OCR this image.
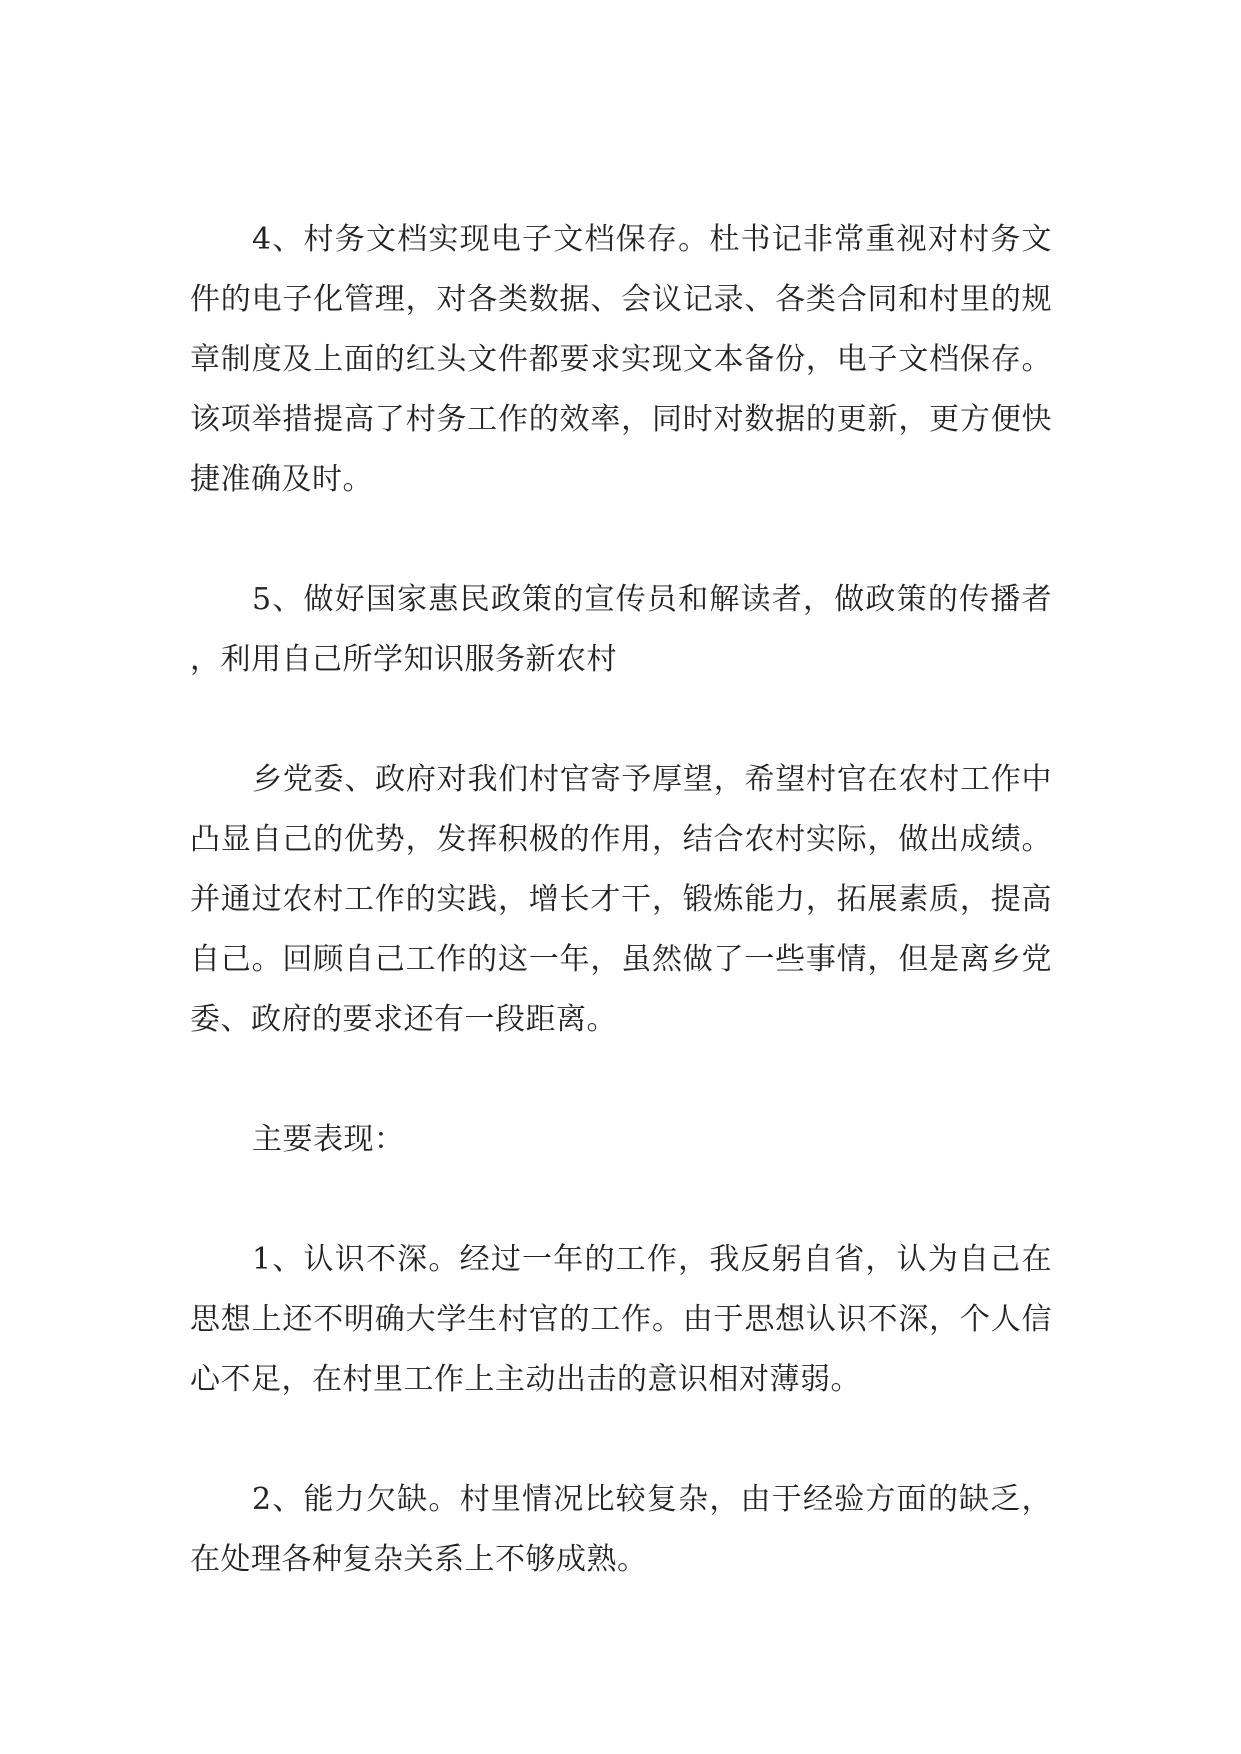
4、村务文档实现电子文档保存。杜书记非常重视对村务文件的电子化管理，对各类数据、会议记录、各类合同和村里的规章制度及上面的红头文件都要求实现文本备份，电子文档保存。该项举措提高了村务工作的效率，同时对数据的更新，更方便快捷准确及时。

5、做好国家惠民政策的宣传员和解读者，做政策的传播者，利用自己所学知识服务新农村

乡党委、政府对我们村官寄予厚望，希望村官在农村工作中凸显自己的优势，发挥积极的作用，结合农村实际，做出成绩。并通过农村工作的实践，增长才干，锻炼能力，拓展素质，提高自己。回顾自己工作的这一年，虽然做了一些事情，但是离乡党委、政府的要求还有一段距离。

主要表现：

1、认识不深。经过一年的工作，我反躬自省，认为自己在思想上还不明确大学生村官的工作。由于思想认识不深，个人信心不足，在村里工作上主动出击的意识相对薄弱。

2、能力欠缺。村里情况比较复杂，由于经验方面的缺乏，在处理各种复杂关系上不够成熟。
